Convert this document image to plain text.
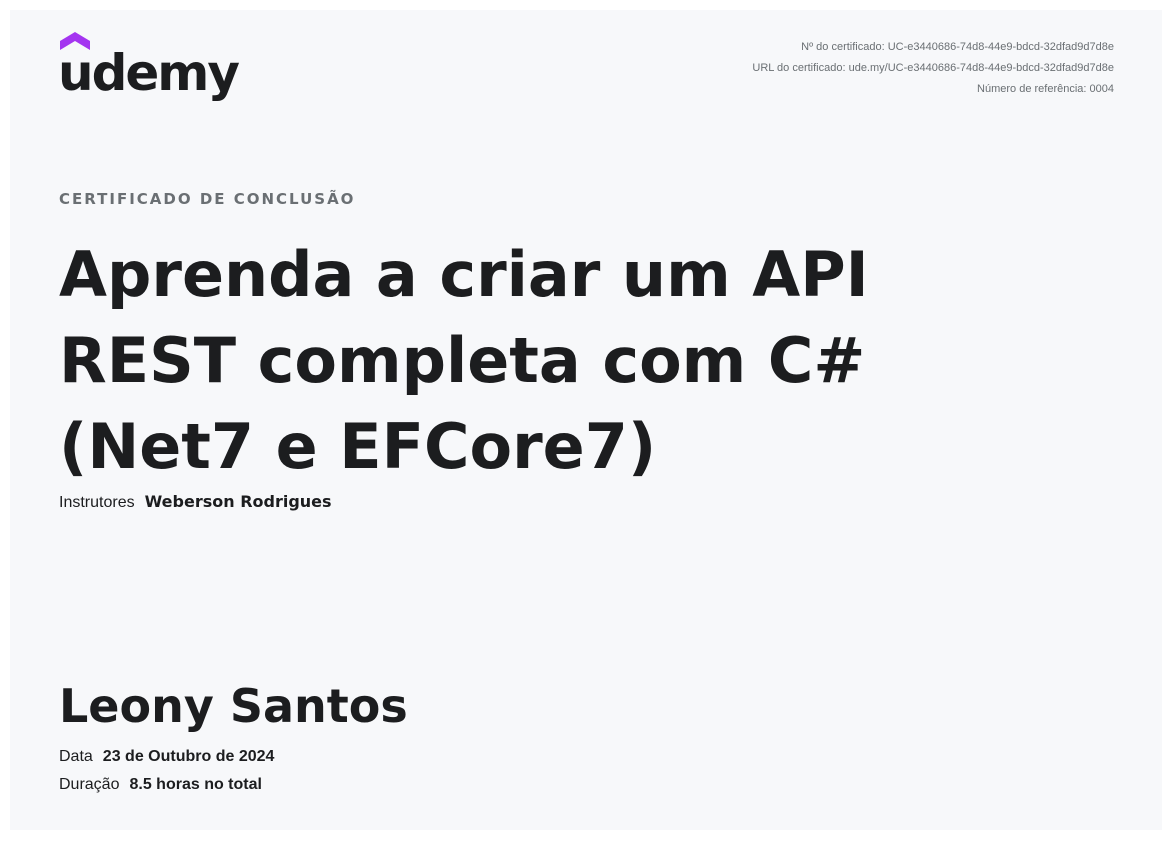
udemy	Nº do certificado: UC-e3440686-74d8-44e9-bdcd-32dfad9d7d8e
URL do certificado: ude.my/UC-e3440686-74d8-44e9-bdcd-32dfad9d7d8e
Número de referência: 0004
CERTIFICADO DE CONCLUSÃO
Aprenda a criar um API REST completa com C# (Net7 e EFCore7)
Instrutores Weberson Rodrigues
Leony Santos
Data 23 de Outubro de 2024
Duração 8.5 horas no total
